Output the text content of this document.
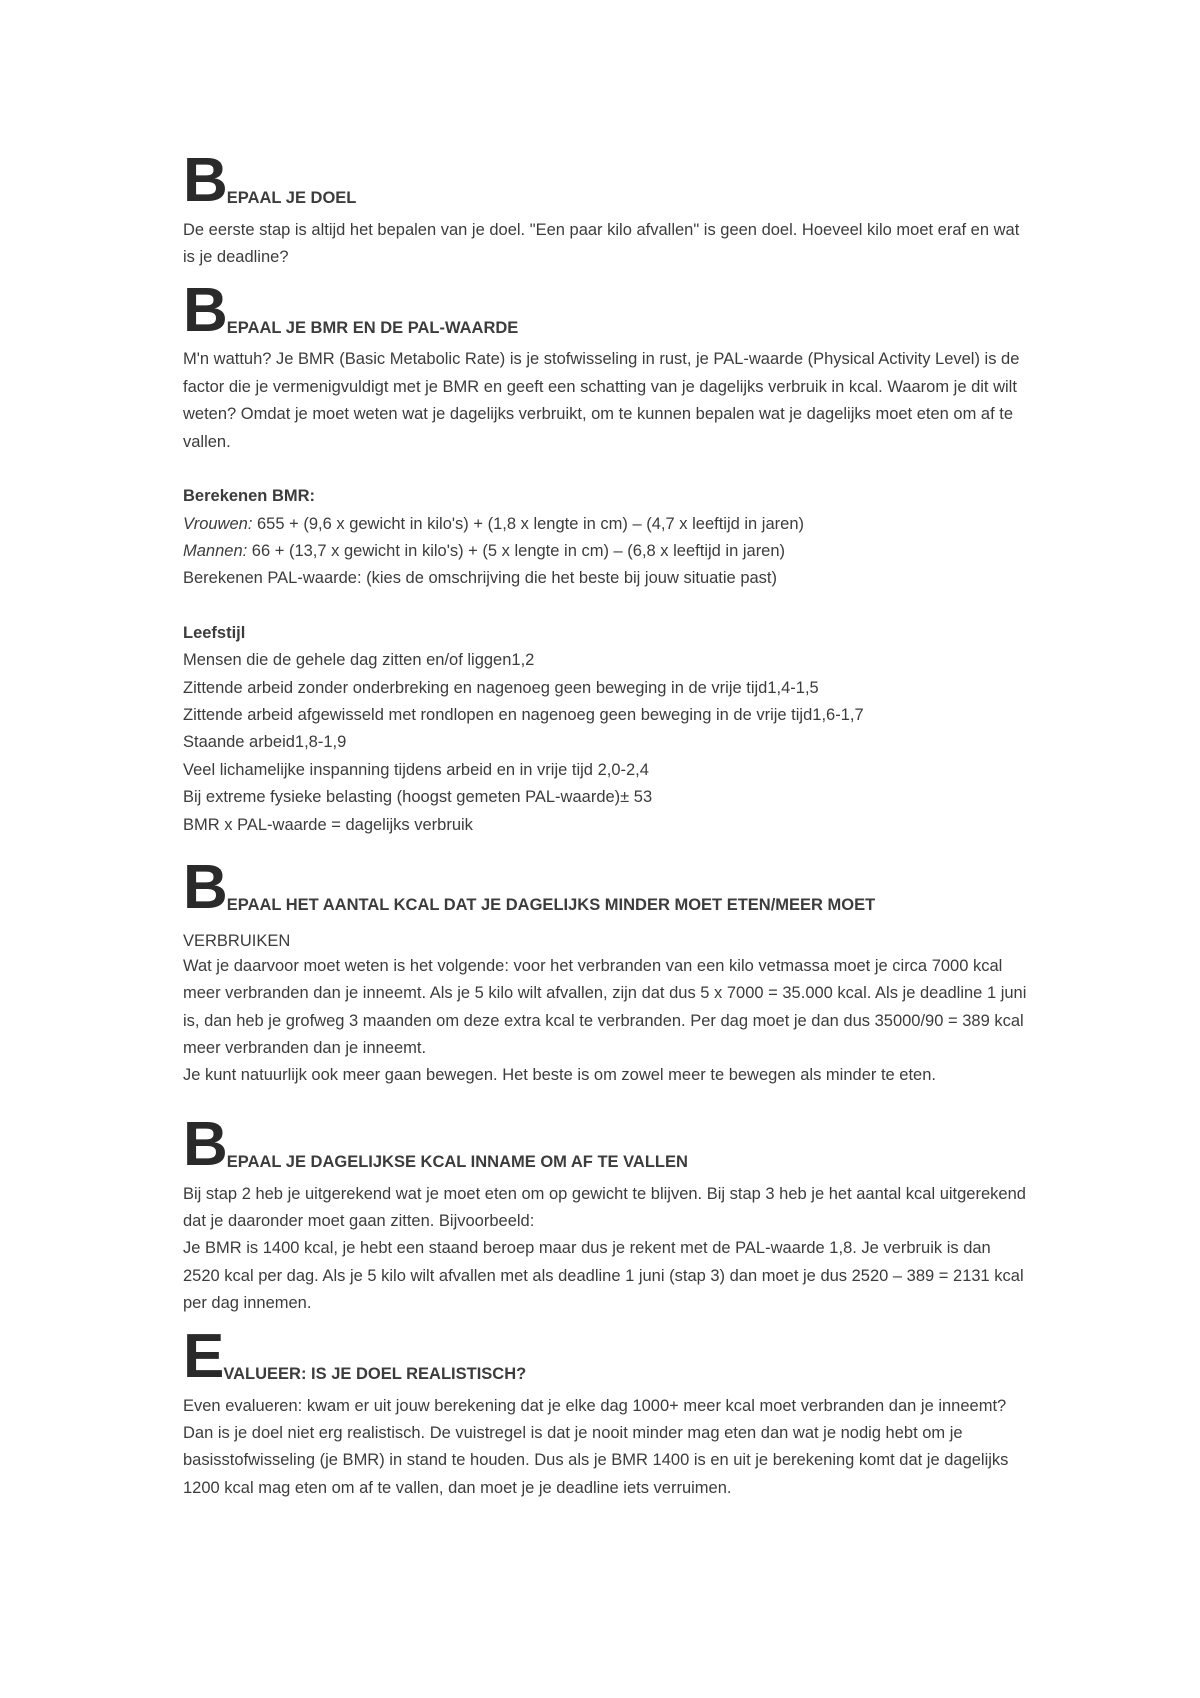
B EPAAL JE DOEL

De eerste stap is altijd het bepalen van je doel. "Een paar kilo afvallen" is geen doel. Hoeveel kilo moet eraf en wat is je deadline?

B EPAAL JE BMR EN DE PAL-WAARDE

M'n wattuh? Je BMR (Basic Metabolic Rate) is je stofwisseling in rust, je PAL-waarde (Physical Activity Level) is de factor die je vermenigvuldigt met je BMR en geeft een schatting van je dagelijks verbruik in kcal. Waarom je dit wilt weten? Omdat je moet weten wat je dagelijks verbruikt, om te kunnen bepalen wat je dagelijks moet eten om af te vallen.

Berekenen BMR:
Vrouwen: 655 + (9,6 x gewicht in kilo's) + (1,8 x lengte in cm) – (4,7 x leeftijd in jaren)
Mannen: 66 + (13,7 x gewicht in kilo's) + (5 x lengte in cm) – (6,8 x leeftijd in jaren)
Berekenen PAL-waarde: (kies de omschrijving die het beste bij jouw situatie past)
Leefstijl
Mensen die de gehele dag zitten en/of liggen1,2
Zittende arbeid zonder onderbreking en nagenoeg geen beweging in de vrije tijd1,4-1,5
Zittende arbeid afgewisseld met rondlopen en nagenoeg geen beweging in de vrije tijd1,6-1,7
Staande arbeid1,8-1,9
Veel lichamelijke inspanning tijdens arbeid en in vrije tijd 2,0-2,4
Bij extreme fysieke belasting (hoogst gemeten PAL-waarde)± 53
BMR x PAL-waarde = dagelijks verbruik
B EPAAL HET AANTAL KCAL DAT JE DAGELIJKS MINDER MOET ETEN/MEER MOET
VERBRUIKEN

Wat je daarvoor moet weten is het volgende: voor het verbranden van een kilo vetmassa moet je circa 7000 kcal meer verbranden dan je inneemt. Als je 5 kilo wilt afvallen, zijn dat dus 5 x 7000 = 35.000 kcal. Als je deadline 1 juni is, dan heb je grofweg 3 maanden om deze extra kcal te verbranden. Per dag moet je dan dus 35000/90 = 389 kcal meer verbranden dan je inneemt.

Je kunt natuurlijk ook meer gaan bewegen. Het beste is om zowel meer te bewegen als minder te eten.

B EPAAL JE DAGELIJKSE KCAL INNAME OM AF TE VALLEN

Bij stap 2 heb je uitgerekend wat je moet eten om op gewicht te blijven. Bij stap 3 heb je het aantal kcal uitgerekend dat je daaronder moet gaan zitten. Bijvoorbeeld:

Je BMR is 1400 kcal, je hebt een staand beroep maar dus je rekent met de PAL-waarde 1,8. Je verbruik is dan 2520 kcal per dag. Als je 5 kilo wilt afvallen met als deadline 1 juni (stap 3) dan moet je dus 2520 – 389 = 2131 kcal per dag innemen.

E VALUEER: IS JE DOEL REALISTISCH?

Even evalueren: kwam er uit jouw berekening dat je elke dag 1000+ meer kcal moet verbranden dan je inneemt? Dan is je doel niet erg realistisch. De vuistregel is dat je nooit minder mag eten dan wat je nodig hebt om je basisstofwisseling (je BMR) in stand te houden. Dus als je BMR 1400 is en uit je berekening komt dat je dagelijks 1200 kcal mag eten om af te vallen, dan moet je je deadline iets verruimen.
